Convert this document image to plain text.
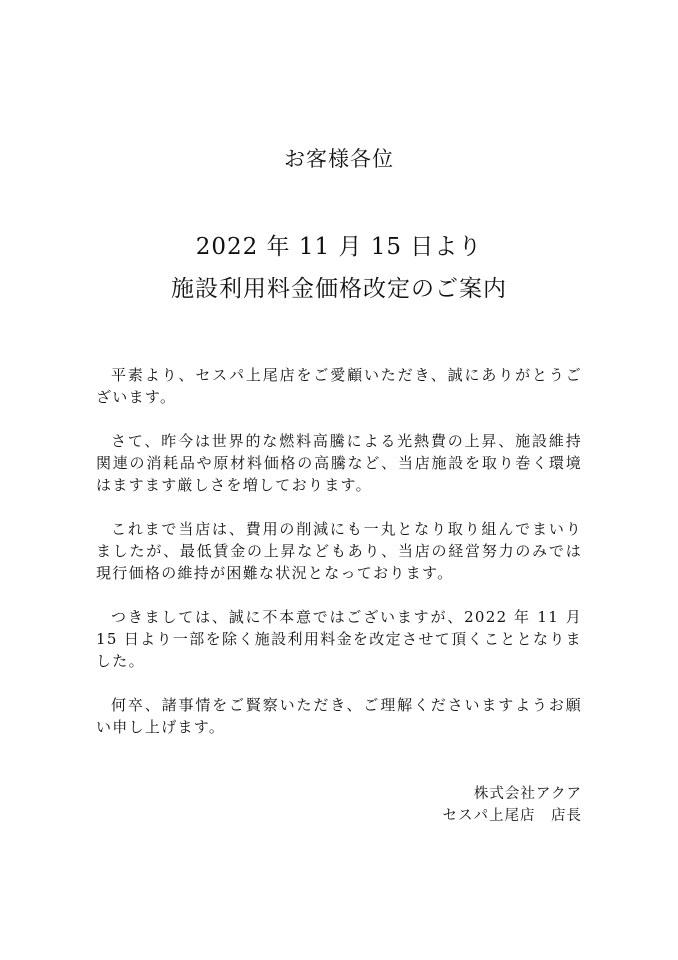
お客様各位
2022 年 11 月 15 日より
施設利用料金価格改定のご案内

平素より、セスパ上尾店をご愛顧いただき、誠にありがとうございます。

さて、昨今は世界的な燃料高騰による光熱費の上昇、施設維持関連の消耗品や原材料価格の高騰など、当店施設を取り巻く環境はますます厳しさを増しております。

これまで当店は、費用の削減にも一丸となり取り組んでまいりましたが、最低賃金の上昇などもあり、当店の経営努力のみでは現行価格の維持が困難な状況となっております。

つきましては、誠に不本意ではございますが、2022 年 11 月 15 日より一部を除く施設利用料金を改定させて頂くこととなりました。

何卒、諸事情をご賢察いただき、ご理解くださいますようお願い申し上げます。

株式会社アクア
セスパ上尾店　店長
